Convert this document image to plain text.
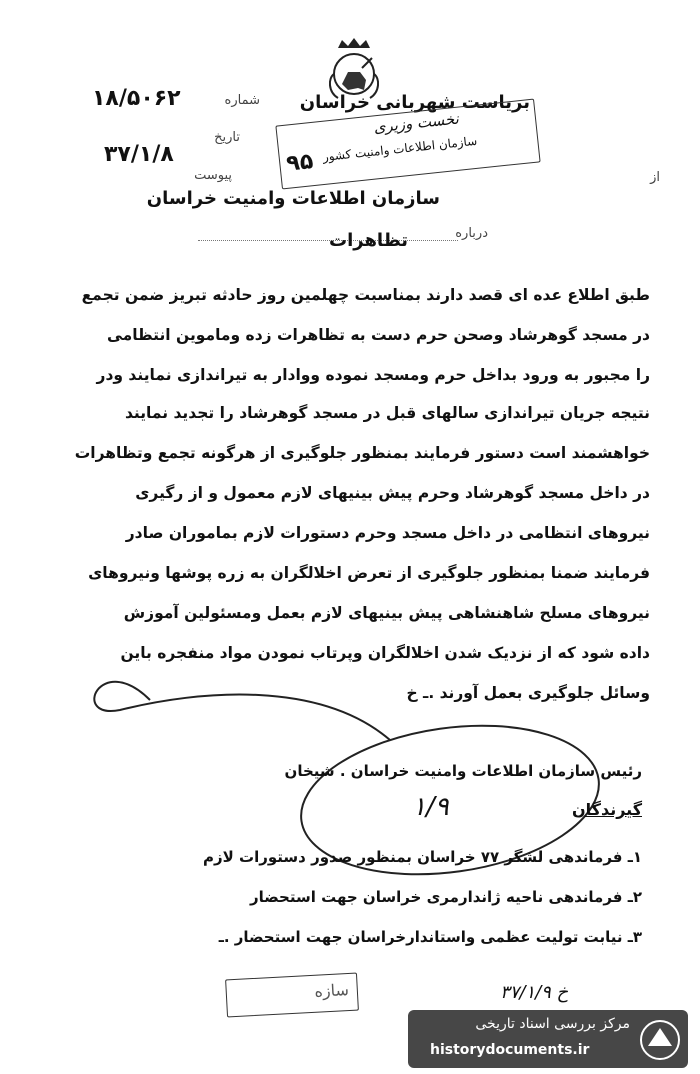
شماره
۱۸/۵۰۶۲
تاریخ
۳۷/۱/۸
پیوست
بریاست شهربانی خراسان
از
سازمان اطلاعات وامنیت خراسان
درباره
تظاهرات
نخست وزیری
سازمان اطلاعات وامنیت کشور
۹۵
طبق اطلاع عده ای قصد دارند بمناسبت چهلمین روز حادثه تبریز ضمن تجمع
در مسجد گوهرشاد وصحن حرم دست به تظاهرات زده وماموین انتظامی
را مجبور به ورود بداخل حرم ومسجد نموده ووادار به تیراندازی نمایند ودر
نتیجه جریان تیراندازی سالهای قبل در مسجد گوهرشاد را تجدید نمایند
خواهشمند است دستور فرمایند بمنظور جلوگیری از هرگونه تجمع وتظاهرات
در داخل مسجد گوهرشاد وحرم پیش بینیهای لازم معمول و از رگیری
نیروهای انتظامی در داخل مسجد وحرم دستورات لازم بماموران صادر
فرمایند ضمنا بمنظور جلوگیری از تعرض اخلالگران به زره پوشها ونیروهای
نیروهای مسلح شاهنشاهی پیش بینیهای لازم بعمل ومسئولین آموزش
داده شود که از نزدیک شدن اخلالگران وپرتاب نمودن مواد منفجره باین
وسائل جلوگیری بعمل آورند .ـ خ
۱/۹
رئیس سازمان اطلاعات وامنیت خراسان . شیخان
گیرندگان
۱ـ فرماندهی لشگر ۷۷ خراسان بمنظور صدور دستورات لازم
۲ـ فرماندهی ناحیه ژاندارمری خراسان جهت استحضار
۳ـ نیابت تولیت عظمی واستاندارخراسان جهت استحضار .ـ
سازه	خ ۳۷/۱/۹
مرکز بررسی اسناد تاریخی
historydocuments.ir
